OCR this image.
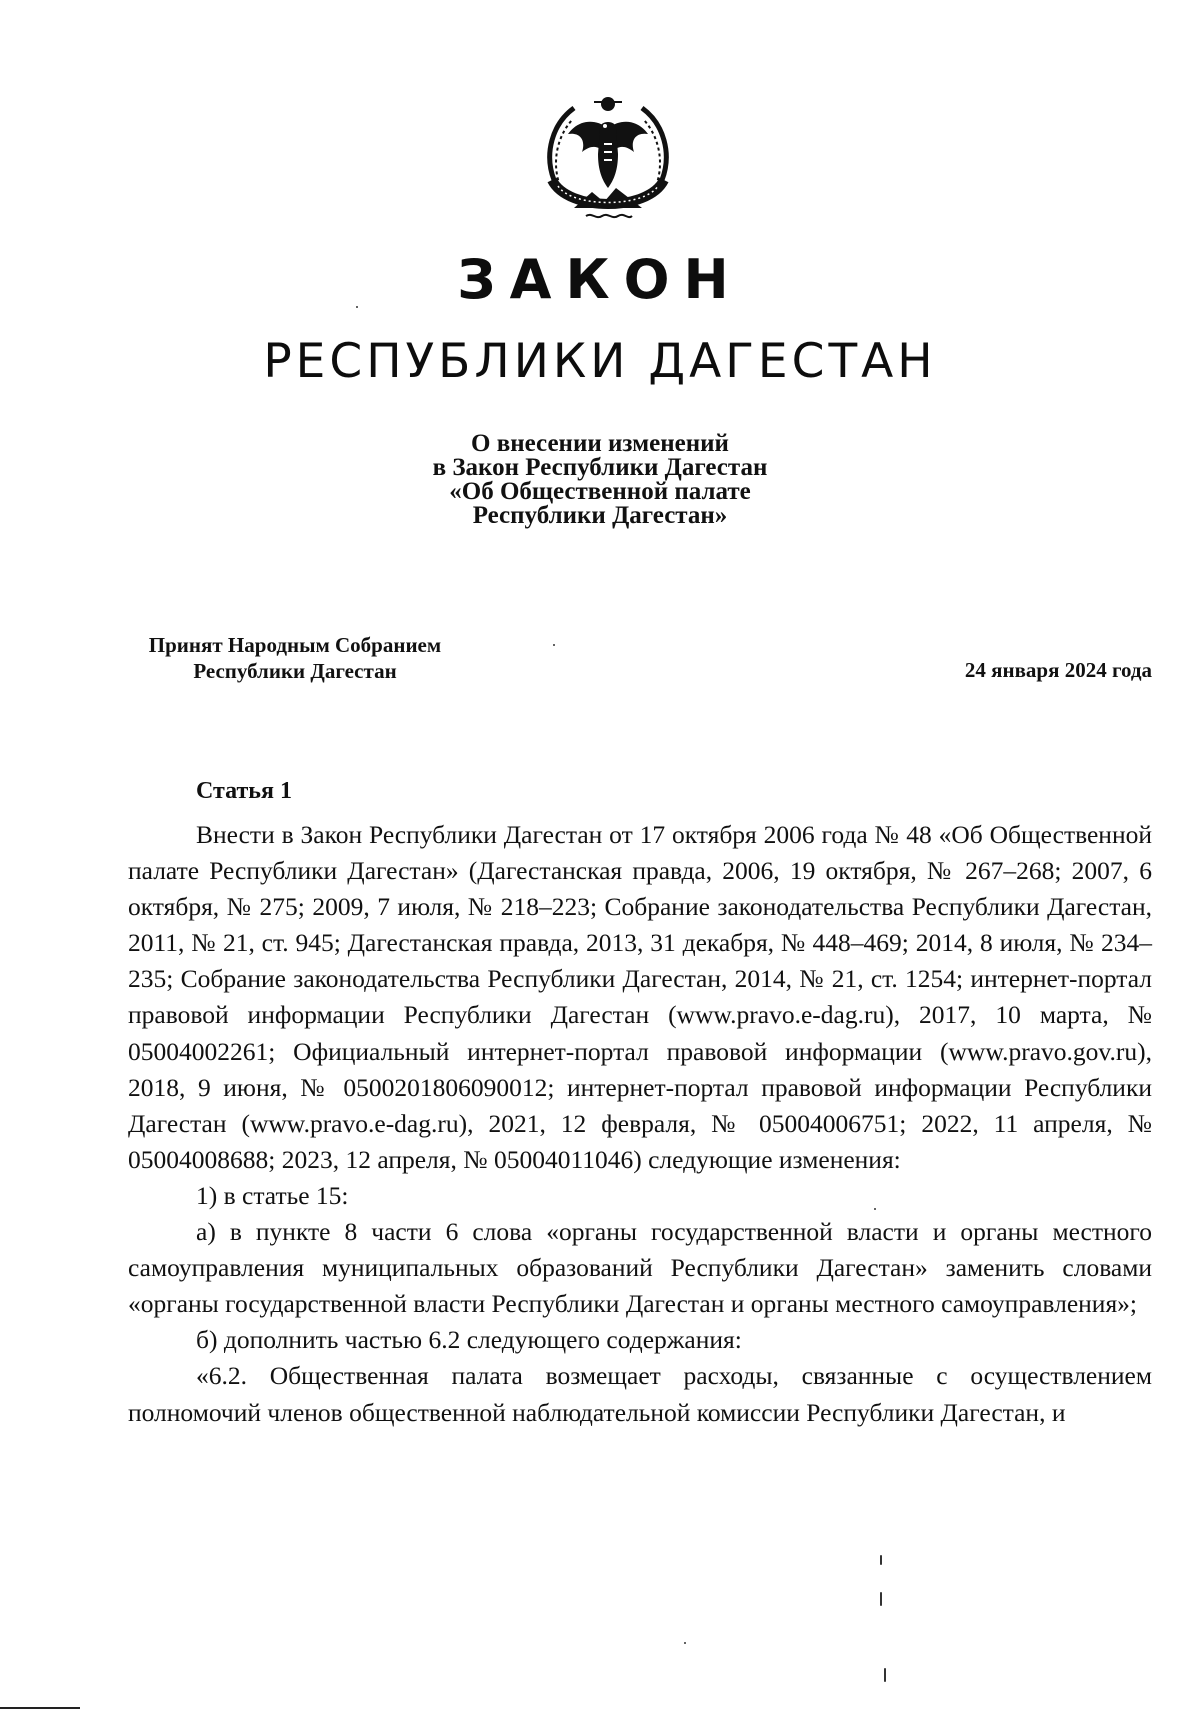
ЗАКОН
РЕСПУБЛИКИ ДАГЕСТАН
О внесении изменений
в Закон Республики Дагестан
«Об Общественной палате
Республики Дагестан»
Принят Народным Собранием
Республики Дагестан	24 января 2024 года
Статья 1

Внести в Закон Республики Дагестан от 17 октября 2006 года № 48 «Об Общественной палате Республики Дагестан» (Дагестанская правда, 2006, 19 октября, № 267–268; 2007, 6 октября, № 275; 2009, 7 июля, № 218–223; Собрание законодательства Республики Дагестан, 2011, № 21, ст. 945; Дагестанская правда, 2013, 31 декабря, № 448–469; 2014, 8 июля, № 234–235; Собрание законодательства Республики Дагестан, 2014, № 21, ст. 1254; интернет-портал правовой информации Республики Дагестан (www.pravo.e-dag.ru), 2017, 10 марта, № 05004002261; Официальный интернет-портал правовой информации (www.pravo.gov.ru), 2018, 9 июня, № 0500201806090012; интернет-портал правовой информации Республики Дагестан (www.pravo.e-dag.ru), 2021, 12 февраля, № 05004006751; 2022, 11 апреля, № 05004008688; 2023, 12 апреля, № 05004011046) следующие изменения:

1) в статье 15:

а) в пункте 8 части 6 слова «органы государственной власти и органы местного самоуправления муниципальных образований Республики Дагестан» заменить словами «органы государственной власти Республики Дагестан и органы местного самоуправления»;

б) дополнить частью 6.2 следующего содержания:

«6.2. Общественная палата возмещает расходы, связанные с осуществлением полномочий членов общественной наблюдательной комиссии Республики Дагестан, и
